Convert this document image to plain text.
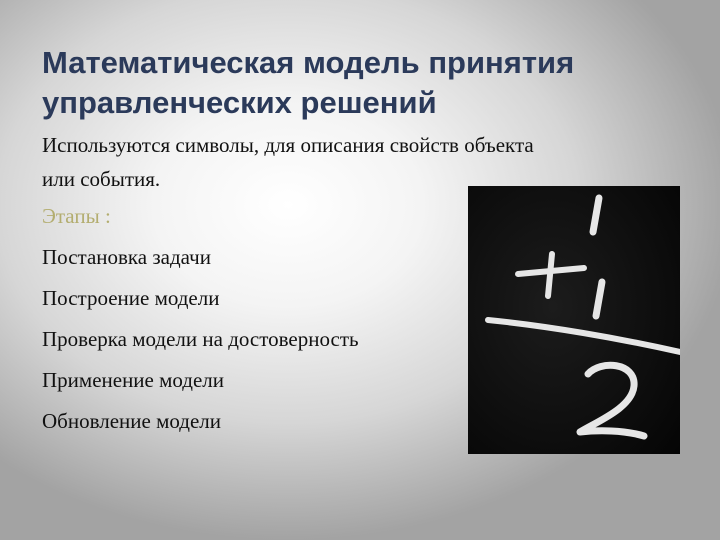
Математическая модель принятия
управленческих решений

Используются символы, для описания свойств объекта
или события.

Этапы :

Постановка задачи
Построение модели
Проверка модели на достоверность
Применение модели
Обновление модели
